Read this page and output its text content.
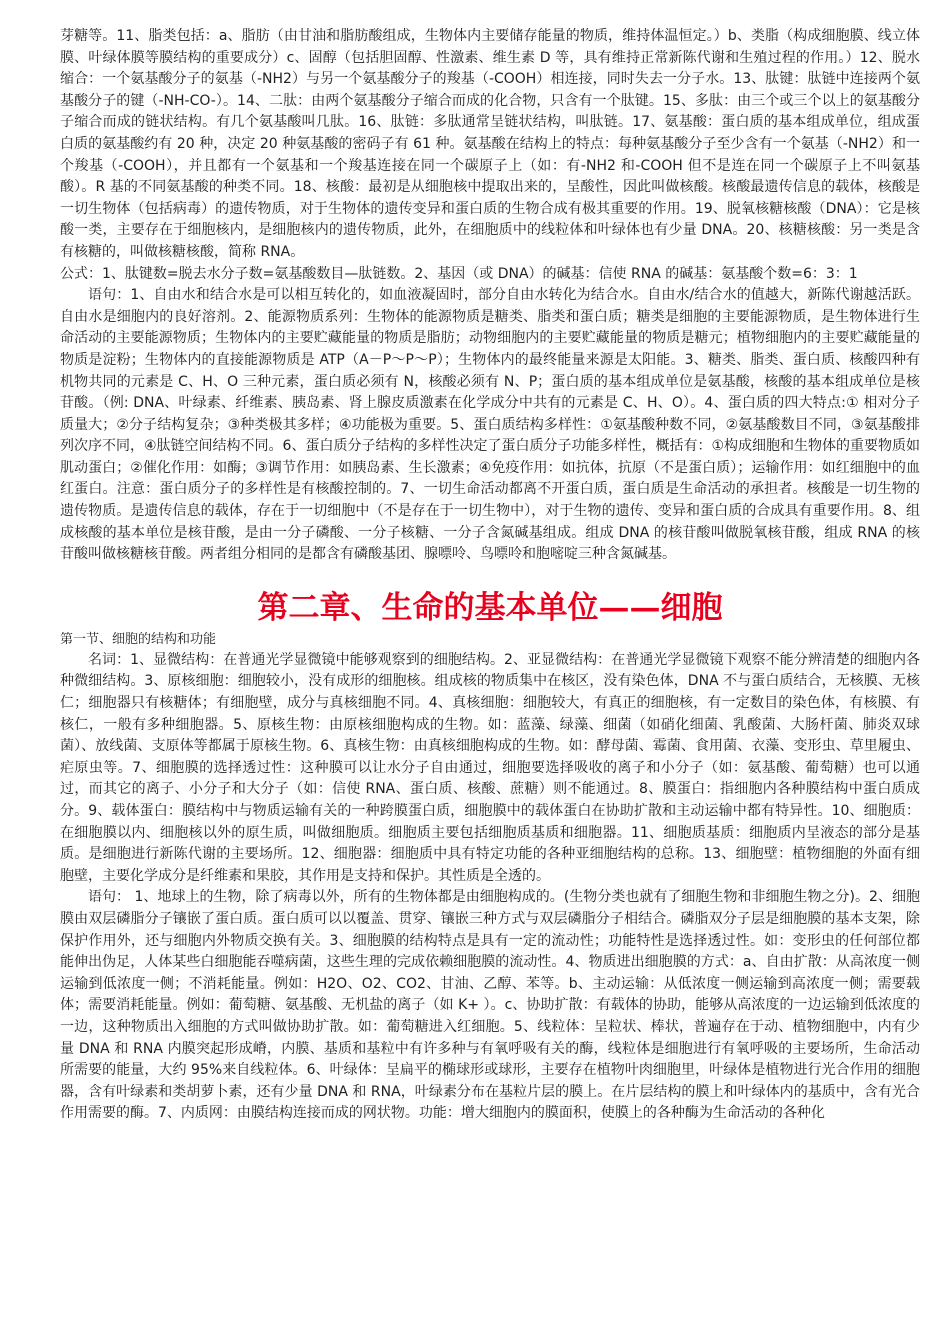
芽糖等。11、脂类包括：a、脂肪（由甘油和脂肪酸组成，生物体内主要储存能量的物质，维持体温恒定。）b、类脂（构成细胞膜、线立体膜、叶绿体膜等膜结构的重要成分）c、固醇（包括胆固醇、性激素、维生素 D 等，具有维持正常新陈代谢和生殖过程的作用。）12、脱水缩合：一个氨基酸分子的氨基（-NH2）与另一个氨基酸分子的羧基（-COOH）相连接，同时失去一分子水。13、肽键：肽链中连接两个氨基酸分子的键（-NH-CO-）。14、二肽：由两个氨基酸分子缩合而成的化合物，只含有一个肽键。15、多肽：由三个或三个以上的氨基酸分子缩合而成的链状结构。有几个氨基酸叫几肽。16、肽链：多肽通常呈链状结构，叫肽链。17、氨基酸：蛋白质的基本组成单位，组成蛋白质的氨基酸约有 20 种，决定 20 种氨基酸的密码子有 61 种。氨基酸在结构上的特点：每种氨基酸分子至少含有一个氨基（-NH2）和一个羧基（-COOH），并且都有一个氨基和一个羧基连接在同一个碳原子上（如：有-NH2 和-COOH 但不是连在同一个碳原子上不叫氨基酸）。R 基的不同氨基酸的种类不同。18、核酸：最初是从细胞核中提取出来的，呈酸性，因此叫做核酸。核酸最遗传信息的载体，核酸是一切生物体（包括病毒）的遗传物质，对于生物体的遗传变异和蛋白质的生物合成有极其重要的作用。19、脱氧核糖核酸（DNA）：它是核酸一类，主要存在于细胞核内，是细胞核内的遗传物质，此外，在细胞质中的线粒体和叶绿体也有少量 DNA。20、核糖核酸：另一类是含有核糖的，叫做核糖核酸，简称 RNA。

公式：1、肽键数=脱去水分子数=氨基酸数目—肽链数。2、基因（或 DNA）的碱基：信使 RNA 的碱基：氨基酸个数=6：3：1

语句：1、自由水和结合水是可以相互转化的，如血液凝固时，部分自由水转化为结合水。自由水/结合水的值越大，新陈代谢越活跃。自由水是细胞内的良好溶剂。2、能源物质系列：生物体的能源物质是糖类、脂类和蛋白质；糖类是细胞的主要能源物质，是生物体进行生命活动的主要能源物质；生物体内的主要贮藏能量的物质是脂肪；动物细胞内的主要贮藏能量的物质是糖元；植物细胞内的主要贮藏能量的物质是淀粉；生物体内的直接能源物质是 ATP（A－P～P～P）；生物体内的最终能量来源是太阳能。3、糖类、脂类、蛋白质、核酸四种有机物共同的元素是 C、H、O 三种元素，蛋白质必须有 N，核酸必须有 N、P；蛋白质的基本组成单位是氨基酸，核酸的基本组成单位是核苷酸。（例: DNA、叶绿素、纤维素、胰岛素、肾上腺皮质激素在化学成分中共有的元素是 C、H、O）。4、蛋白质的四大特点:① 相对分子质量大；②分子结构复杂；③种类极其多样；④功能极为重要。5、蛋白质结构多样性：①氨基酸种数不同，②氨基酸数目不同，③氨基酸排列次序不同，④肽链空间结构不同。6、蛋白质分子结构的多样性决定了蛋白质分子功能多样性，概括有：①构成细胞和生物体的重要物质如肌动蛋白；②催化作用：如酶；③调节作用：如胰岛素、生长激素；④免疫作用：如抗体，抗原（不是蛋白质）；运输作用：如红细胞中的血红蛋白。注意：蛋白质分子的多样性是有核酸控制的。7、一切生命活动都离不开蛋白质，蛋白质是生命活动的承担者。核酸是一切生物的遗传物质。是遗传信息的载体，存在于一切细胞中（不是存在于一切生物中），对于生物的遗传、变异和蛋白质的合成具有重要作用。8、组成核酸的基本单位是核苷酸，是由一分子磷酸、一分子核糖、一分子含氮碱基组成。组成 DNA 的核苷酸叫做脱氧核苷酸，组成 RNA 的核苷酸叫做核糖核苷酸。两者组分相同的是都含有磷酸基团、腺嘌呤、鸟嘌呤和胞嘧啶三种含氮碱基。

第二章、生命的基本单位——细胞

第一节、细胞的结构和功能

名词：1、显微结构：在普通光学显微镜中能够观察到的细胞结构。2、亚显微结构：在普通光学显微镜下观察不能分辨清楚的细胞内各种微细结构。3、原核细胞：细胞较小，没有成形的细胞核。组成核的物质集中在核区，没有染色体，DNA 不与蛋白质结合，无核膜、无核仁；细胞器只有核糖体；有细胞壁，成分与真核细胞不同。4、真核细胞：细胞较大，有真正的细胞核，有一定数目的染色体，有核膜、有核仁，一般有多种细胞器。5、原核生物：由原核细胞构成的生物。如：蓝藻、绿藻、细菌（如硝化细菌、乳酸菌、大肠杆菌、肺炎双球菌）、放线菌、支原体等都属于原核生物。6、真核生物：由真核细胞构成的生物。如：酵母菌、霉菌、食用菌、衣藻、变形虫、草里履虫、疟原虫等。7、细胞膜的选择透过性：这种膜可以让水分子自由通过，细胞要选择吸收的离子和小分子（如：氨基酸、葡萄糖）也可以通过，而其它的离子、小分子和大分子（如：信使 RNA、蛋白质、核酸、蔗糖）则不能通过。8、膜蛋白：指细胞内各种膜结构中蛋白质成分。9、载体蛋白：膜结构中与物质运输有关的一种跨膜蛋白质，细胞膜中的载体蛋白在协助扩散和主动运输中都有特异性。10、细胞质：在细胞膜以内、细胞核以外的原生质，叫做细胞质。细胞质主要包括细胞质基质和细胞器。11、细胞质基质：细胞质内呈液态的部分是基质。是细胞进行新陈代谢的主要场所。12、细胞器：细胞质中具有特定功能的各种亚细胞结构的总称。13、细胞壁：植物细胞的外面有细胞壁，主要化学成分是纤维素和果胶，其作用是支持和保护。其性质是全透的。

语句： 1、地球上的生物，除了病毒以外，所有的生物体都是由细胞构成的。(生物分类也就有了细胞生物和非细胞生物之分)。2、细胞膜由双层磷脂分子镶嵌了蛋白质。蛋白质可以以覆盖、贯穿、镶嵌三种方式与双层磷脂分子相结合。磷脂双分子层是细胞膜的基本支架，除保护作用外，还与细胞内外物质交换有关。3、细胞膜的结构特点是具有一定的流动性；功能特性是选择透过性。如：变形虫的任何部位都能伸出伪足，人体某些白细胞能吞噬病菌，这些生理的完成依赖细胞膜的流动性。4、物质进出细胞膜的方式：a、自由扩散：从高浓度一侧运输到低浓度一侧；不消耗能量。例如：H2O、O2、CO2、甘油、乙醇、苯等。b、主动运输：从低浓度一侧运输到高浓度一侧；需要载体；需要消耗能量。例如：葡萄糖、氨基酸、无机盐的离子（如 K+ ）。c、协助扩散：有载体的协助，能够从高浓度的一边运输到低浓度的一边，这种物质出入细胞的方式叫做协助扩散。如：葡萄糖进入红细胞。5、线粒体：呈粒状、棒状，普遍存在于动、植物细胞中，内有少量 DNA 和 RNA 内膜突起形成嵴，内膜、基质和基粒中有许多种与有氧呼吸有关的酶，线粒体是细胞进行有氧呼吸的主要场所，生命活动所需要的能量，大约 95%来自线粒体。6、叶绿体：呈扁平的椭球形或球形，主要存在植物叶肉细胞里，叶绿体是植物进行光合作用的细胞器，含有叶绿素和类胡萝卜素，还有少量 DNA 和 RNA，叶绿素分布在基粒片层的膜上。在片层结构的膜上和叶绿体内的基质中，含有光合作用需要的酶。7、内质网：由膜结构连接而成的网状物。功能：增大细胞内的膜面积，使膜上的各种酶为生命活动的各种化
